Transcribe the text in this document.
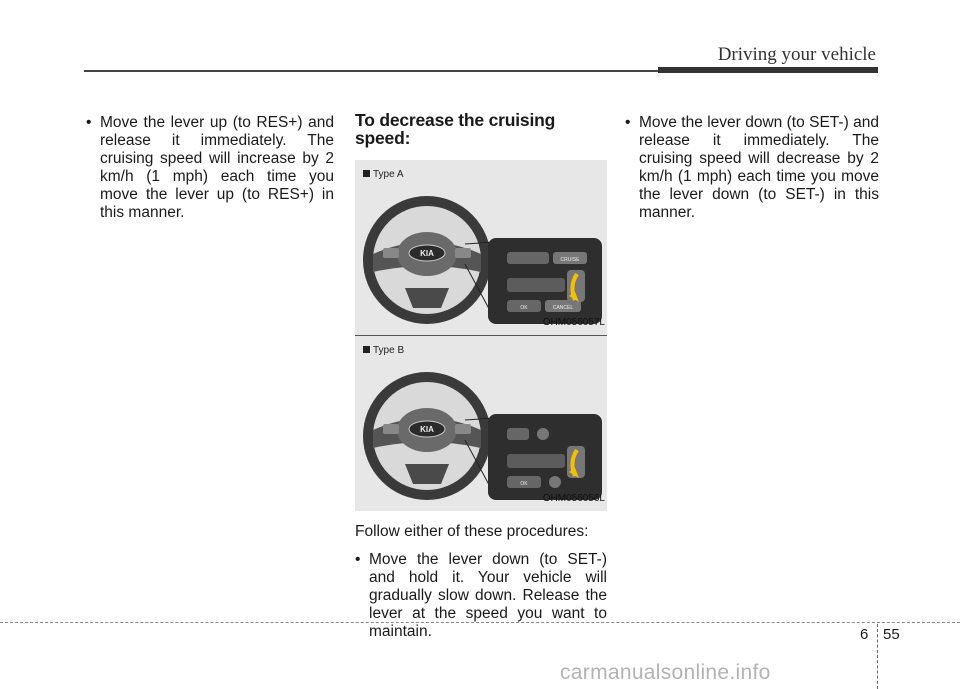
Driving your vehicle
• Move the lever up (to RES+) and release it immediately. The cruising speed will increase by 2 km/h (1 mph) each time you move the lever up (to RES+) in this manner.
To decrease the cruising speed:
KIA
CRUISE
OK	CANCEL
Type A
OHM056057L
KIA
OK
Type B
OHM056056L
Follow either of these procedures:
• Move the lever down (to SET-) and hold it. Your vehicle will gradually slow down. Release the lever at the speed you want to maintain.
• Move the lever down (to SET-) and release it immediately. The cruising speed will decrease by 2 km/h (1 mph) each time you move the lever down (to SET-) in this manner.
6 55
carmanualsonline.info
